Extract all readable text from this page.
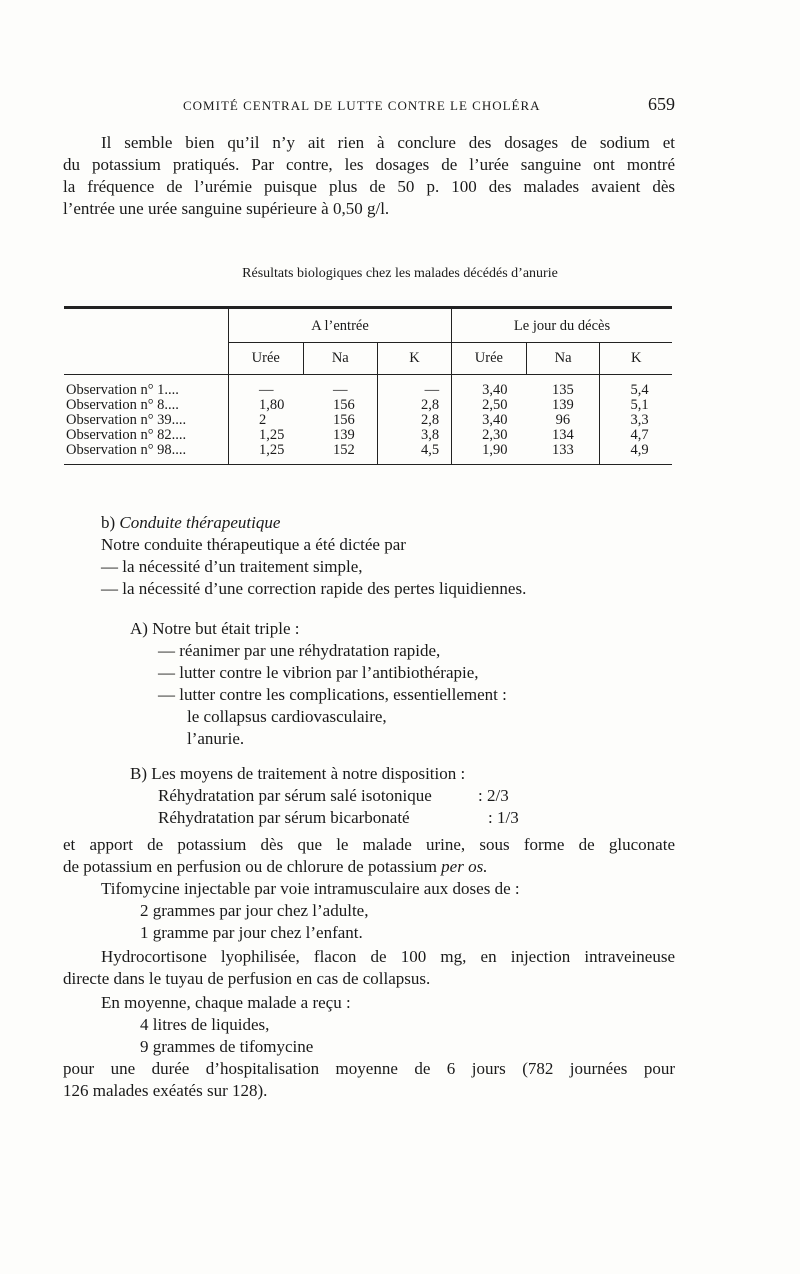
COMITÉ CENTRAL DE LUTTE CONTRE LE CHOLÉRA	659
Il semble bien qu’il n’y ait rien à conclure des dosages de sodium et
du potassium pratiqués. Par contre, les dosages de l’urée sanguine ont montré
la fréquence de l’urémie puisque plus de 50 p. 100 des malades avaient dès
l’entrée une urée sanguine supérieure à 0,50 g/l.
Résultats biologiques chez les malades décédés d’anurie
	A l’entrée			Le jour du décès		
	Urée	Na	K	Urée	Na	K
Observation n° 1....	—	—	—	3,40	135	5,4
Observation n° 8....	1,80	156	2,8	2,50	139	5,1
Observation n° 39....	2	156	2,8	3,40	96	3,3
Observation n° 82....	1,25	139	3,8	2,30	134	4,7
Observation n° 98....	1,25	152	4,5	1,90	133	4,9
b) Conduite thérapeutique
Notre conduite thérapeutique a été dictée par
— la nécessité d’un traitement simple,
— la nécessité d’une correction rapide des pertes liquidiennes.
A) Notre but était triple :
— réanimer par une réhydratation rapide,
— lutter contre le vibrion par l’antibiothérapie,
— lutter contre les complications, essentiellement :
le collapsus cardiovasculaire,
l’anurie.
B) Les moyens de traitement à notre disposition :
Réhydratation par sérum salé isotonique	: 2/3
Réhydratation par sérum bicarbonaté	: 1/3
et apport de potassium dès que le malade urine, sous forme de gluconate
de potassium en perfusion ou de chlorure de potassium per os.
Tifomycine injectable par voie intramusculaire aux doses de :
2 grammes par jour chez l’adulte,
1 gramme par jour chez l’enfant.
Hydrocortisone lyophilisée, flacon de 100 mg, en injection intraveineuse
directe dans le tuyau de perfusion en cas de collapsus.
En moyenne, chaque malade a reçu :
4 litres de liquides,
9 grammes de tifomycine
pour une durée d’hospitalisation moyenne de 6 jours (782 journées pour
126 malades exéatés sur 128).
